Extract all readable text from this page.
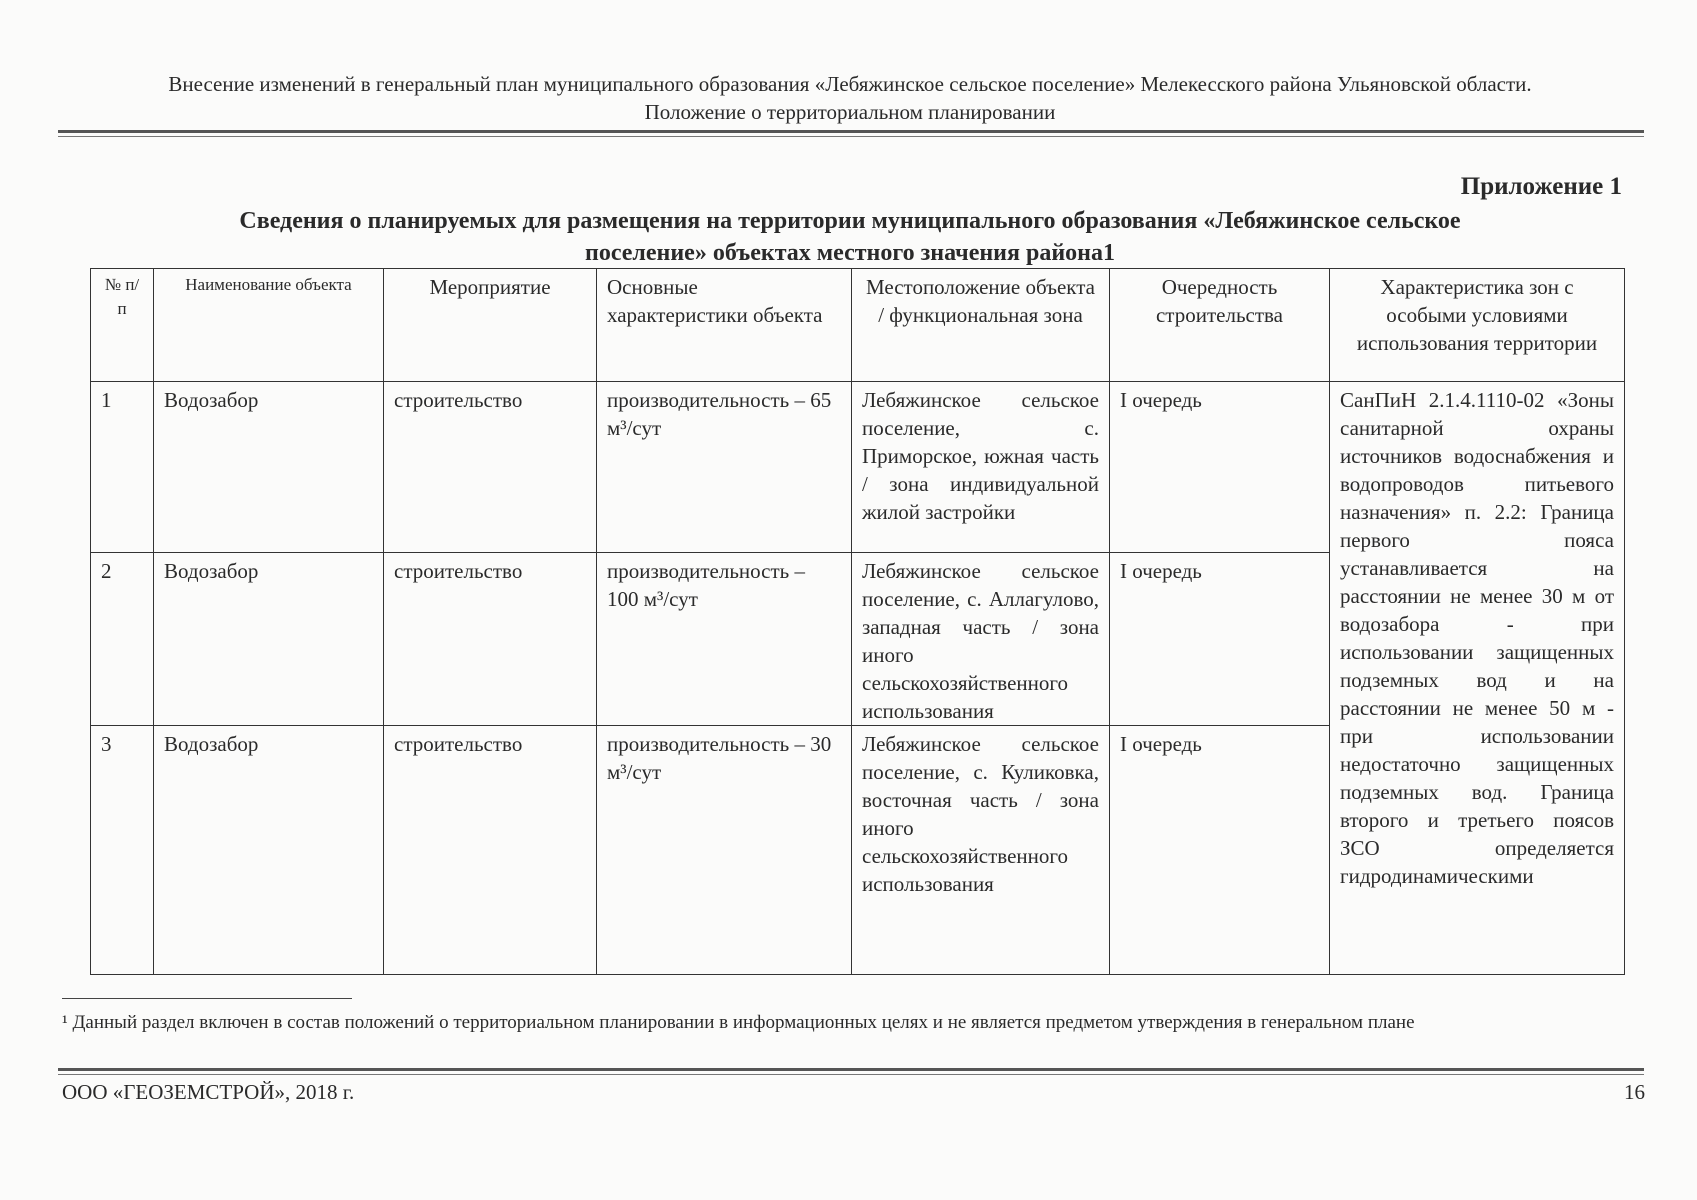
Внесение изменений в генеральный план муниципального образования «Лебяжинское сельское поселение» Мелекесского района Ульяновской области.
Положение о территориальном планировании
Приложение 1
Сведения о планируемых для размещения на территории муниципального образования «Лебяжинское сельское
поселение» объектах местного значения района1
№ п/п	Наименование объекта	Мероприятие	Основные характеристики объекта	Местоположение объекта / функциональная зона	Очередность строительства	Характеристика зон с особыми условиями использования территории
1	Водозабор	строительство	производительность – 65 м³/сут	Лебяжинское сельское поселение, с. Приморское, южная часть / зона индивидуальной жилой застройки	I очередь	СанПиН 2.1.4.1110-02 «Зоны санитарной охраны источников водоснабжения и водопроводов питьевого назначения» п. 2.2: Граница первого пояса устанавливается на расстоянии не менее 30 м от водозабора - при использовании защищенных подземных вод и на расстоянии не менее 50 м - при использовании недостаточно защищенных подземных вод. Граница второго и третьего поясов ЗСО определяется гидродинамическими
2	Водозабор	строительство	производительность – 100 м³/сут	Лебяжинское сельское поселение, с. Аллагулово, западная часть / зона иного сельскохозяйственного использования	I очередь	
3	Водозабор	строительство	производительность – 30 м³/сут	Лебяжинское сельское поселение, с. Куликовка, восточная часть / зона иного сельскохозяйственного использования	I очередь	
¹ Данный раздел включен в состав положений о территориальном планировании в информационных целях и не является предметом утверждения в генеральном плане
ООО «ГЕОЗЕМСТРОЙ», 2018 г.	16
